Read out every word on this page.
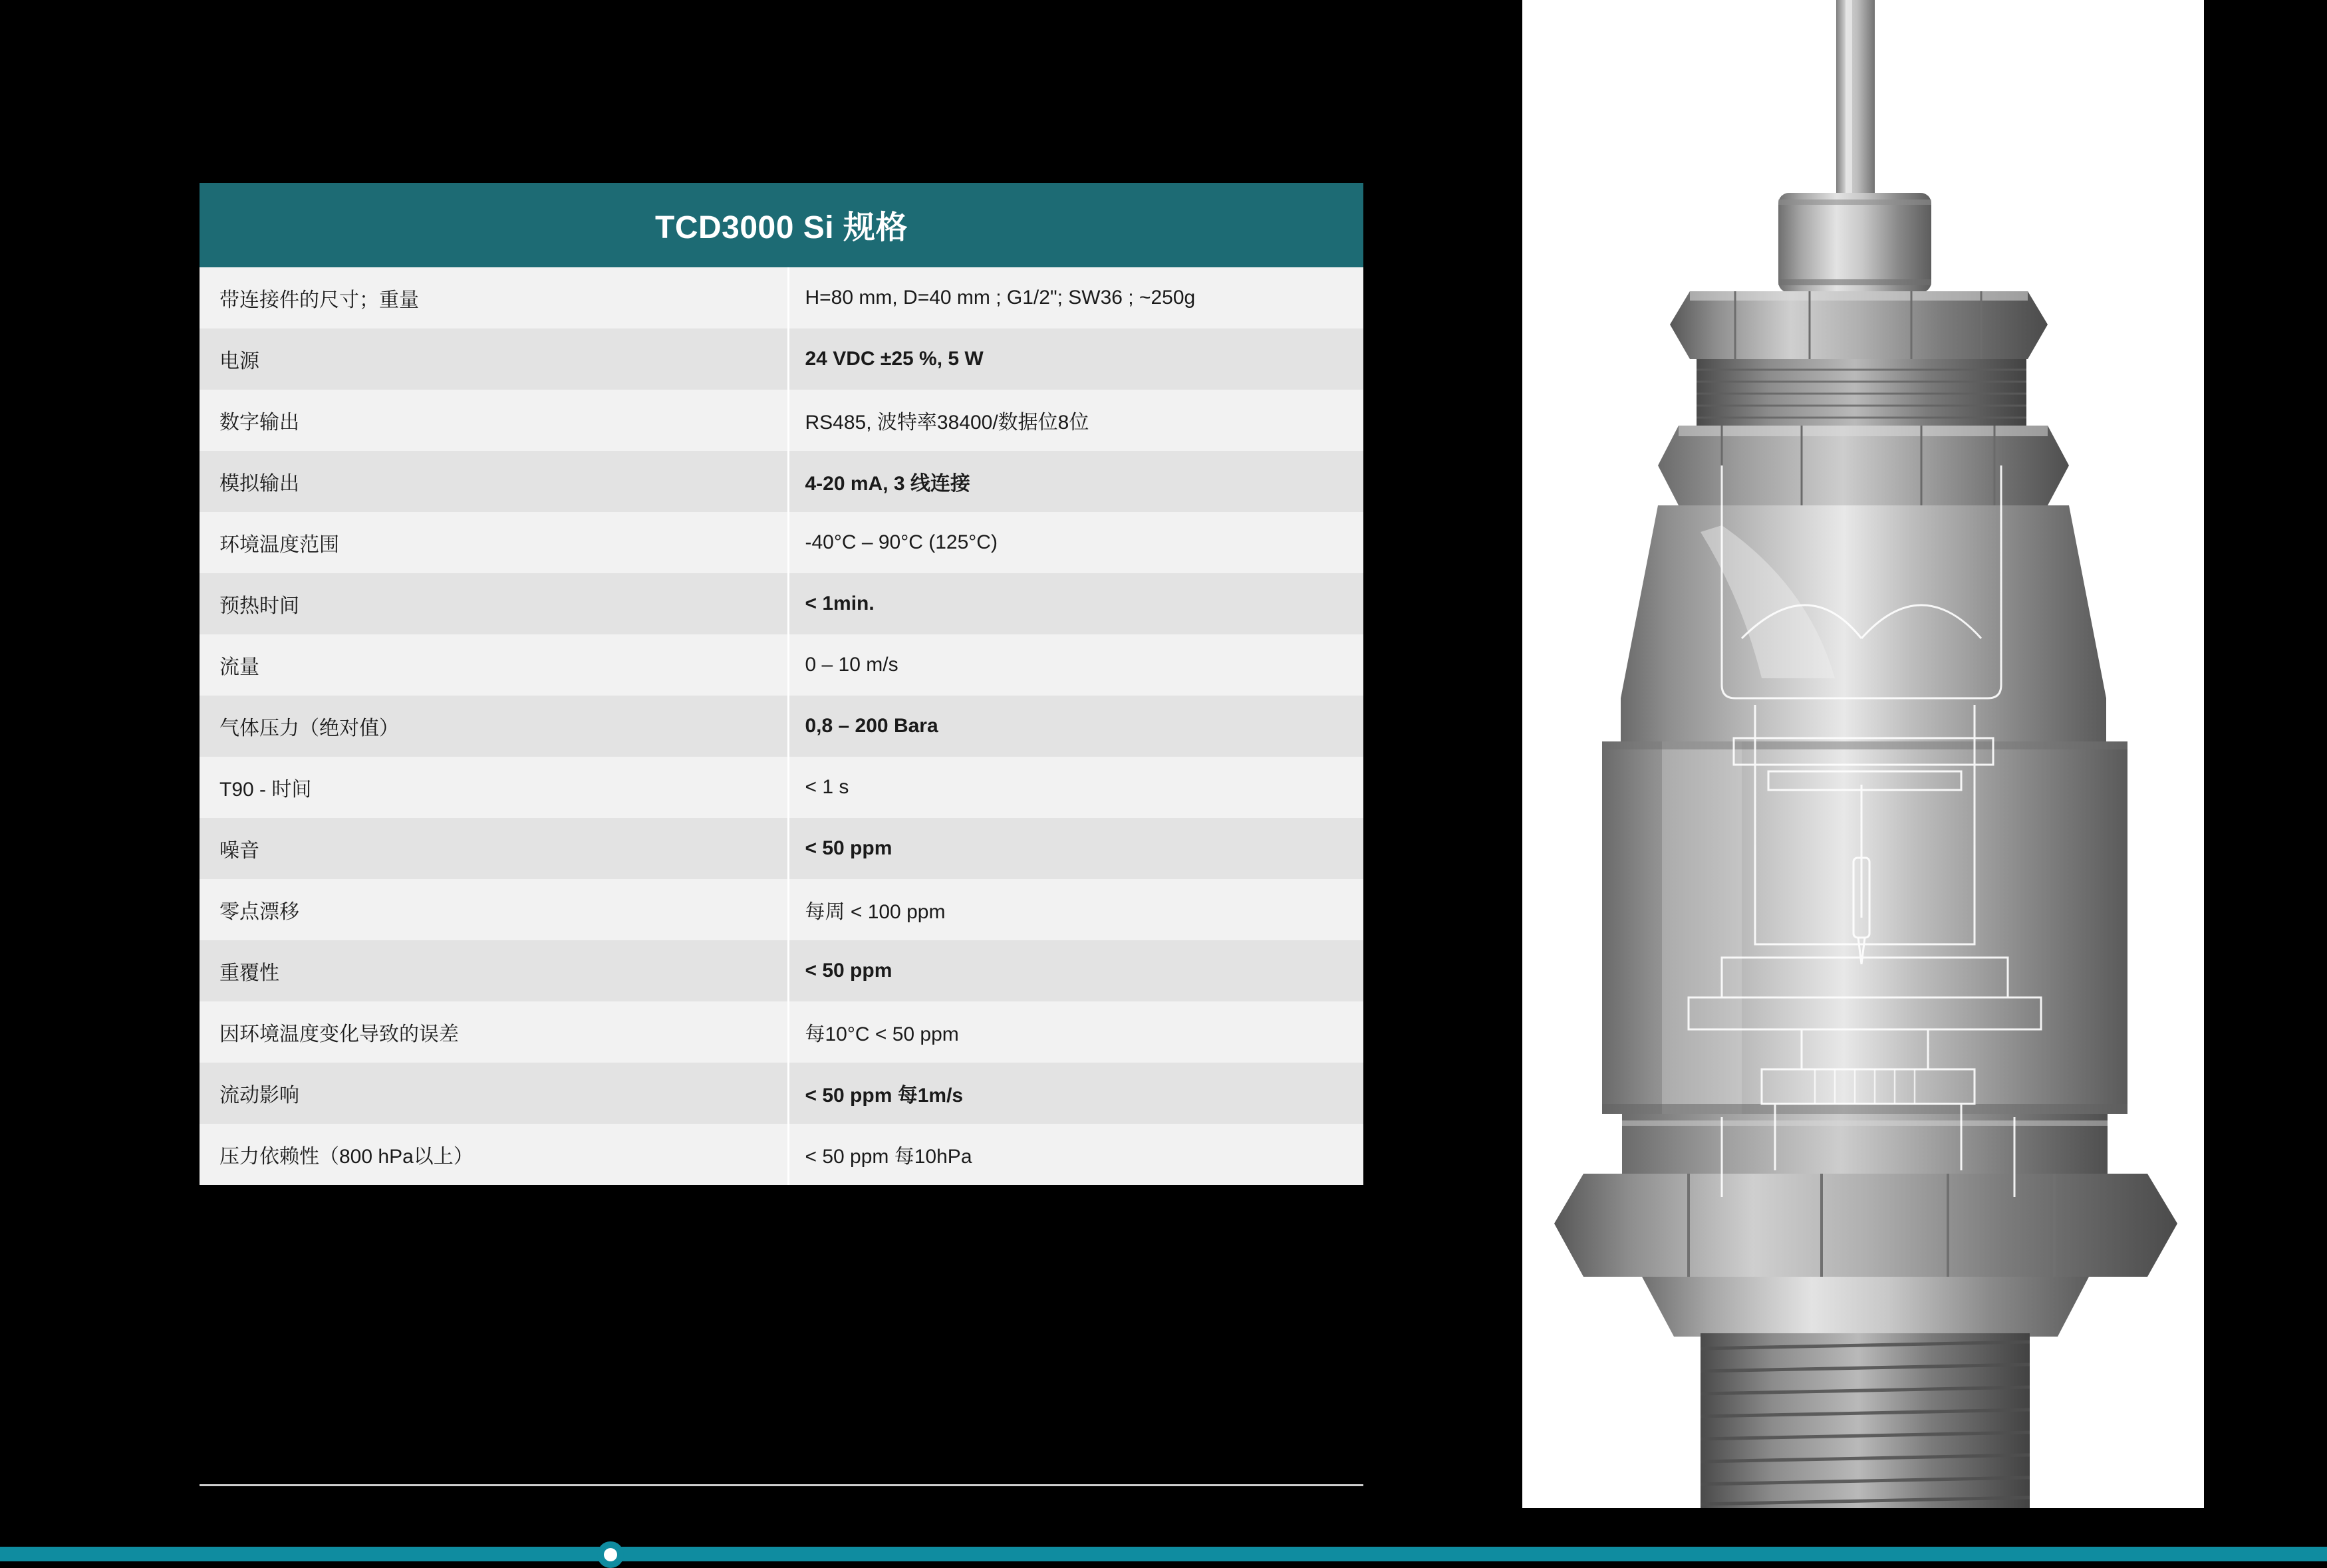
TCD3000 Si 规格	
带连接件的尺寸；重量	H=80 mm, D=40 mm ; G1/2"; SW36 ; ~250g
电源	24 VDC ±25 %, 5 W
数字输出	RS485, 波特率38400/数据位8位
模拟输出	4-20 mA, 3 线连接
环境温度范围	-40°C – 90°C (125°C)
预热时间	< 1min.
流量	0 – 10 m/s
气体压力（绝对值）	0,8 – 200 Bara
T90 - 时间	< 1 s
噪音	< 50 ppm
零点漂移	每周 < 100 ppm
重覆性	< 50 ppm
因环境温度变化导致的误差	每10°C < 50 ppm
流动影响	< 50 ppm 每1m/s
压力依赖性（800 hPa以上）	< 50 ppm 每10hPa
